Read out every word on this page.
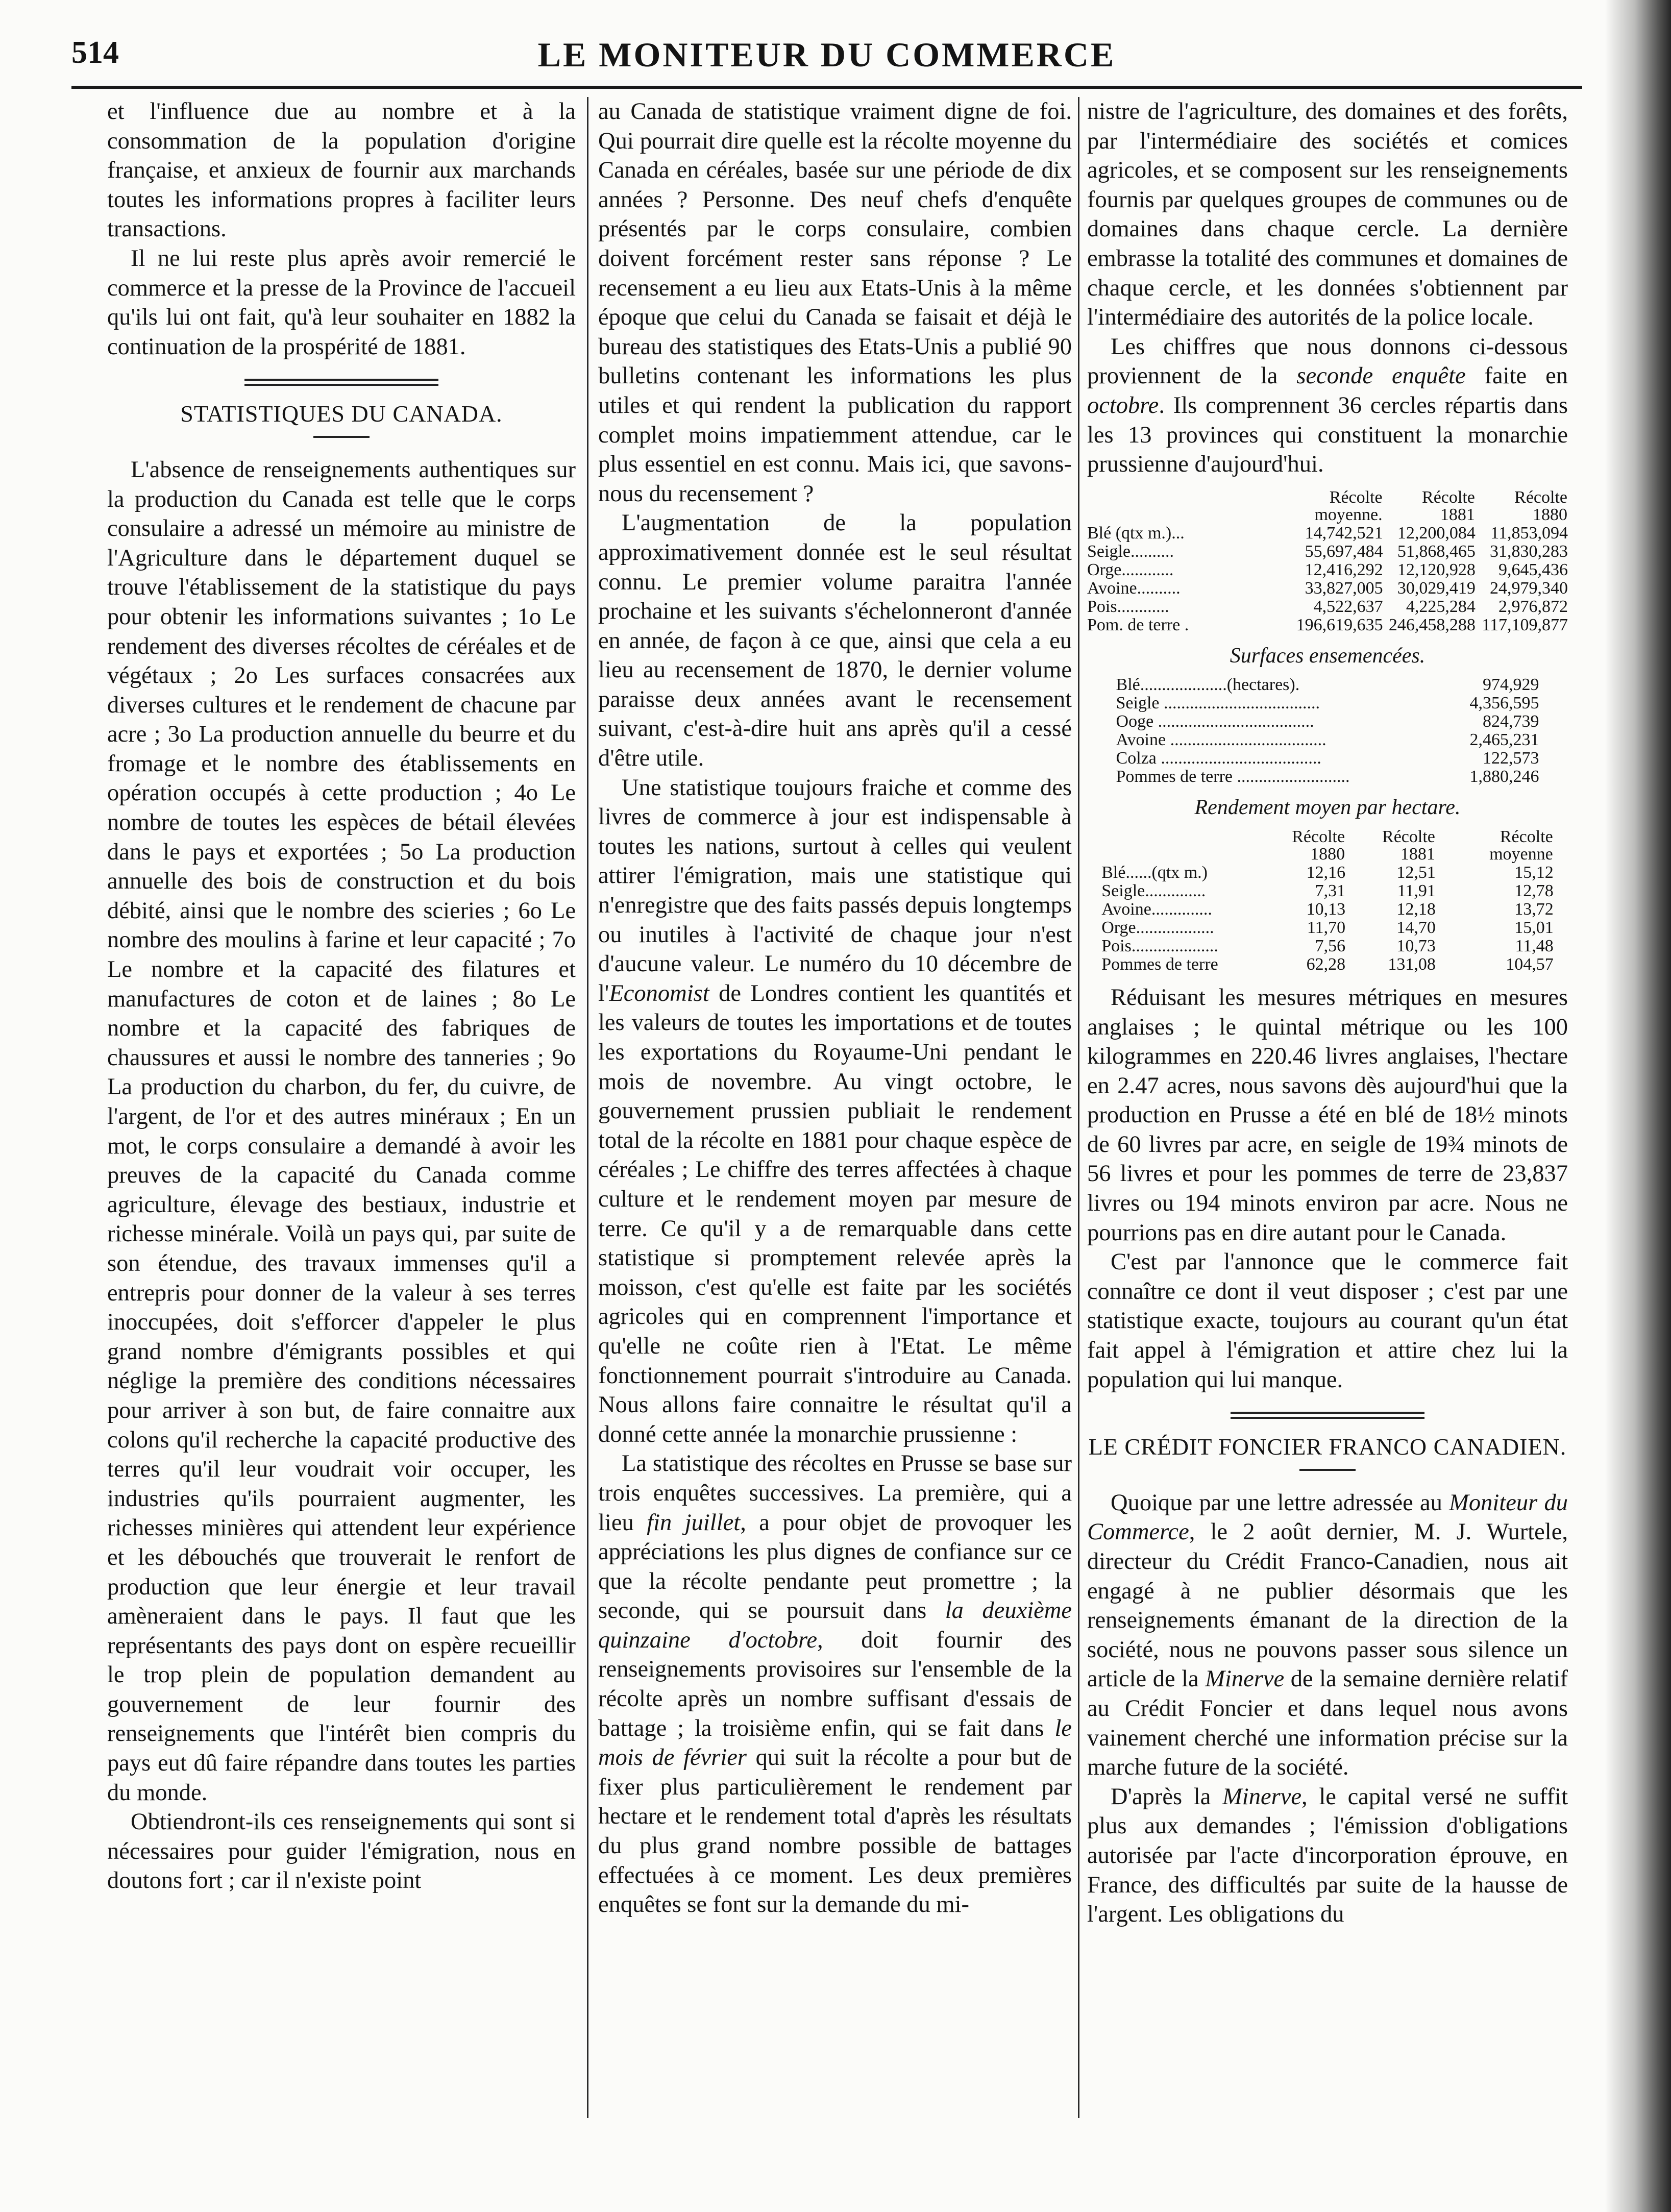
514	LE MONITEUR DU COMMERCE

et l'influence due au nombre et à la consommation de la population d'origine française, et anxieux de fournir aux marchands toutes les informations propres à faciliter leurs transactions.

Il ne lui reste plus après avoir remercié le commerce et la presse de la Province de l'accueil qu'ils lui ont fait, qu'à leur souhaiter en 1882 la continuation de la prospérité de 1881.

STATISTIQUES DU CANADA.

L'absence de renseignements authentiques sur la production du Canada est telle que le corps consulaire a adressé un mémoire au ministre de l'Agriculture dans le département duquel se trouve l'établissement de la statistique du pays pour obtenir les informations suivantes ; 1o Le rendement des diverses récoltes de céréales et de végétaux ; 2o Les surfaces consacrées aux diverses cultures et le rendement de chacune par acre ; 3o La production annuelle du beurre et du fromage et le nombre des établissements en opération occupés à cette production ; 4o Le nombre de toutes les espèces de bétail élevées dans le pays et exportées ; 5o La production annuelle des bois de construction et du bois débité, ainsi que le nombre des scieries ; 6o Le nombre des moulins à farine et leur capacité ; 7o Le nombre et la capacité des filatures et manufactures de coton et de laines ; 8o Le nombre et la capacité des fabriques de chaussures et aussi le nombre des tanneries ; 9o La production du charbon, du fer, du cuivre, de l'argent, de l'or et des autres minéraux ; En un mot, le corps consulaire a demandé à avoir les preuves de la capacité du Canada comme agriculture, élevage des bestiaux, industrie et richesse minérale. Voilà un pays qui, par suite de son étendue, des travaux immenses qu'il a entrepris pour donner de la valeur à ses terres inoccupées, doit s'efforcer d'appeler le plus grand nombre d'émigrants possibles et qui néglige la première des conditions nécessaires pour arriver à son but, de faire connaitre aux colons qu'il recherche la capacité productive des terres qu'il leur voudrait voir occuper, les industries qu'ils pourraient augmenter, les richesses minières qui attendent leur expérience et les débouchés que trouverait le renfort de production que leur énergie et leur travail amèneraient dans le pays. Il faut que les représentants des pays dont on espère recueillir le trop plein de population demandent au gouvernement de leur fournir des renseignements que l'intérêt bien compris du pays eut dû faire répandre dans toutes les parties du monde.

Obtiendront-ils ces renseignements qui sont si nécessaires pour guider l'émigration, nous en doutons fort ; car il n'existe point

au Canada de statistique vraiment digne de foi. Qui pourrait dire quelle est la récolte moyenne du Canada en céréales, basée sur une période de dix années ? Personne. Des neuf chefs d'enquête présentés par le corps consulaire, combien doivent forcément rester sans réponse ? Le recensement a eu lieu aux Etats-Unis à la même époque que celui du Canada se faisait et déjà le bureau des statistiques des Etats-Unis a publié 90 bulletins contenant les informations les plus utiles et qui rendent la publication du rapport complet moins impatiemment attendue, car le plus essentiel en est connu. Mais ici, que savons-nous du recensement ?

L'augmentation de la population approximativement donnée est le seul résultat connu. Le premier volume paraitra l'année prochaine et les suivants s'échelonneront d'année en année, de façon à ce que, ainsi que cela a eu lieu au recensement de 1870, le dernier volume paraisse deux années avant le recensement suivant, c'est-à-dire huit ans après qu'il a cessé d'être utile.

Une statistique toujours fraiche et comme des livres de commerce à jour est indispensable à toutes les nations, surtout à celles qui veulent attirer l'émigration, mais une statistique qui n'enregistre que des faits passés depuis longtemps ou inutiles à l'activité de chaque jour n'est d'aucune valeur. Le numéro du 10 décembre de l'Economist de Londres contient les quantités et les valeurs de toutes les importations et de toutes les exportations du Royaume-Uni pendant le mois de novembre. Au vingt octobre, le gouvernement prussien publiait le rendement total de la récolte en 1881 pour chaque espèce de céréales ; Le chiffre des terres affectées à chaque culture et le rendement moyen par mesure de terre. Ce qu'il y a de remarquable dans cette statistique si promptement relevée après la moisson, c'est qu'elle est faite par les sociétés agricoles qui en comprennent l'importance et qu'elle ne coûte rien à l'Etat. Le même fonctionnement pourrait s'introduire au Canada. Nous allons faire connaitre le résultat qu'il a donné cette année la monarchie prussienne :

La statistique des récoltes en Prusse se base sur trois enquêtes successives. La première, qui a lieu fin juillet, a pour objet de provoquer les appréciations les plus dignes de confiance sur ce que la récolte pendante peut promettre ; la seconde, qui se poursuit dans la deuxième quinzaine d'octobre, doit fournir des renseignements provisoires sur l'ensemble de la récolte après un nombre suffisant d'essais de battage ; la troisième enfin, qui se fait dans le mois de février qui suit la récolte a pour but de fixer plus particulièrement le rendement par hectare et le rendement total d'après les résultats du plus grand nombre possible de battages effectuées à ce moment. Les deux premières enquêtes se font sur la demande du mi-

nistre de l'agriculture, des domaines et des forêts, par l'intermédiaire des sociétés et comices agricoles, et se composent sur les renseignements fournis par quelques groupes de communes ou de domaines dans chaque cercle. La dernière embrasse la totalité des communes et domaines de chaque cercle, et les données s'obtiennent par l'intermédiaire des autorités de la police locale.

Les chiffres que nous donnons ci-dessous proviennent de la seconde enquête faite en octobre. Ils comprennent 36 cercles répartis dans les 13 provinces qui constituent la monarchie prussienne d'aujourd'hui.

	Récolte moyenne.	Récolte 1881	Récolte 1880
Blé (qtx m.)...	14,742,521	12,200,084	11,853,094
Seigle..........	55,697,484	51,868,465	31,830,283
Orge............	12,416,292	12,120,928	9,645,436
Avoine..........	33,827,005	30,029,419	24,979,340
Pois............	4,522,637	4,225,284	2,976,872
Pom. de terre .	196,619,635	246,458,288	117,109,877
Surfaces ensemencées.
Blé....................(hectares).	974,929
Seigle ....................................	4,356,595
Ooge ....................................	824,739
Avoine ....................................	2,465,231
Colza .....................................	122,573
Pommes de terre ..........................	1,880,246
Rendement moyen par hectare.
	Récolte 1880	Récolte 1881	Récolte moyenne
Blé......(qtx m.)	12,16	12,51	15,12
Seigle..............	7,31	11,91	12,78
Avoine..............	10,13	12,18	13,72
Orge..................	11,70	14,70	15,01
Pois....................	7,56	10,73	11,48
Pommes de terre	62,28	131,08	104,57

Réduisant les mesures métriques en mesures anglaises ; le quintal métrique ou les 100 kilogrammes en 220.46 livres anglaises, l'hectare en 2.47 acres, nous savons dès aujourd'hui que la production en Prusse a été en blé de 18½ minots de 60 livres par acre, en seigle de 19¾ minots de 56 livres et pour les pommes de terre de 23,837 livres ou 194 minots environ par acre. Nous ne pourrions pas en dire autant pour le Canada.

C'est par l'annonce que le commerce fait connaître ce dont il veut disposer ; c'est par une statistique exacte, toujours au courant qu'un état fait appel à l'émigration et attire chez lui la population qui lui manque.

LE CRÉDIT FONCIER FRANCO CANADIEN.

Quoique par une lettre adressée au Moniteur du Commerce, le 2 août dernier, M. J. Wurtele, directeur du Crédit Franco-Canadien, nous ait engagé à ne publier désormais que les renseignements émanant de la direction de la société, nous ne pouvons passer sous silence un article de la Minerve de la semaine dernière relatif au Crédit Foncier et dans lequel nous avons vainement cherché une information précise sur la marche future de la société.

D'après la Minerve, le capital versé ne suffit plus aux demandes ; l'émission d'obligations autorisée par l'acte d'incorporation éprouve, en France, des difficultés par suite de la hausse de l'argent. Les obligations du
